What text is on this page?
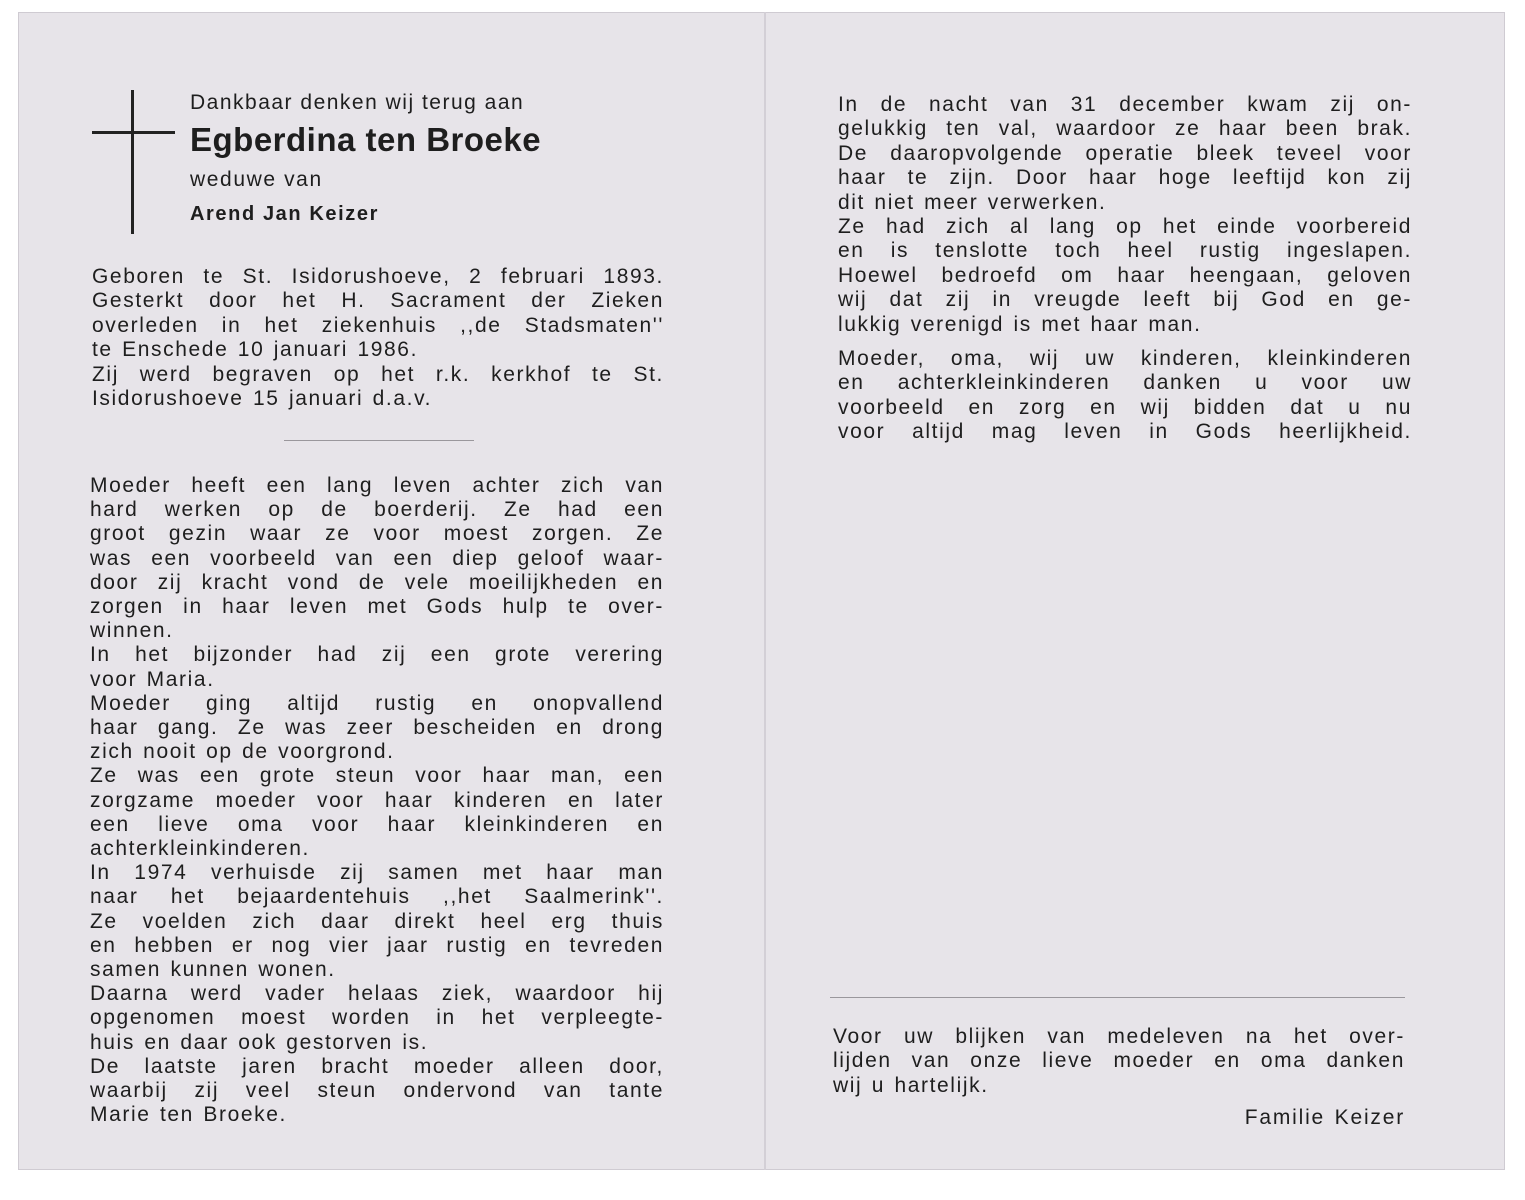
Dankbaar denken wij terug aan

Egberdina ten Broeke

weduwe van

Arend Jan Keizer

Geboren te St. Isidorushoeve, 2 februari 1893.

Gesterkt door het H. Sacrament der Zieken

overleden in het ziekenhuis ,,de Stadsmaten''

te Enschede 10 januari 1986.

Zij werd begraven op het r.k. kerkhof te St.

Isidorushoeve 15 januari d.a.v.

Moeder heeft een lang leven achter zich van

hard werken op de boerderij. Ze had een

groot gezin waar ze voor moest zorgen. Ze

was een voorbeeld van een diep geloof waar-

door zij kracht vond de vele moeilijkheden en

zorgen in haar leven met Gods hulp te over-

winnen.

In het bijzonder had zij een grote verering

voor Maria.

Moeder ging altijd rustig en onopvallend

haar gang. Ze was zeer bescheiden en drong

zich nooit op de voorgrond.

Ze was een grote steun voor haar man, een

zorgzame moeder voor haar kinderen en later

een lieve oma voor haar kleinkinderen en

achterkleinkinderen.

In 1974 verhuisde zij samen met haar man

naar het bejaardentehuis ,,het Saalmerink''.

Ze voelden zich daar direkt heel erg thuis

en hebben er nog vier jaar rustig en tevreden

samen kunnen wonen.

Daarna werd vader helaas ziek, waardoor hij

opgenomen moest worden in het verpleegte-

huis en daar ook gestorven is.

De laatste jaren bracht moeder alleen door,

waarbij zij veel steun ondervond van tante

Marie ten Broeke.

In de nacht van 31 december kwam zij on-

gelukkig ten val, waardoor ze haar been brak.

De daaropvolgende operatie bleek teveel voor

haar te zijn. Door haar hoge leeftijd kon zij

dit niet meer verwerken.

Ze had zich al lang op het einde voorbereid

en is tenslotte toch heel rustig ingeslapen.

Hoewel bedroefd om haar heengaan, geloven

wij dat zij in vreugde leeft bij God en ge-

lukkig verenigd is met haar man.

Moeder, oma, wij uw kinderen, kleinkinderen

en achterkleinkinderen danken u voor uw

voorbeeld en zorg en wij bidden dat u nu

voor altijd mag leven in Gods heerlijkheid.

Voor uw blijken van medeleven na het over-

lijden van onze lieve moeder en oma danken

wij u hartelijk.

Familie Keizer
